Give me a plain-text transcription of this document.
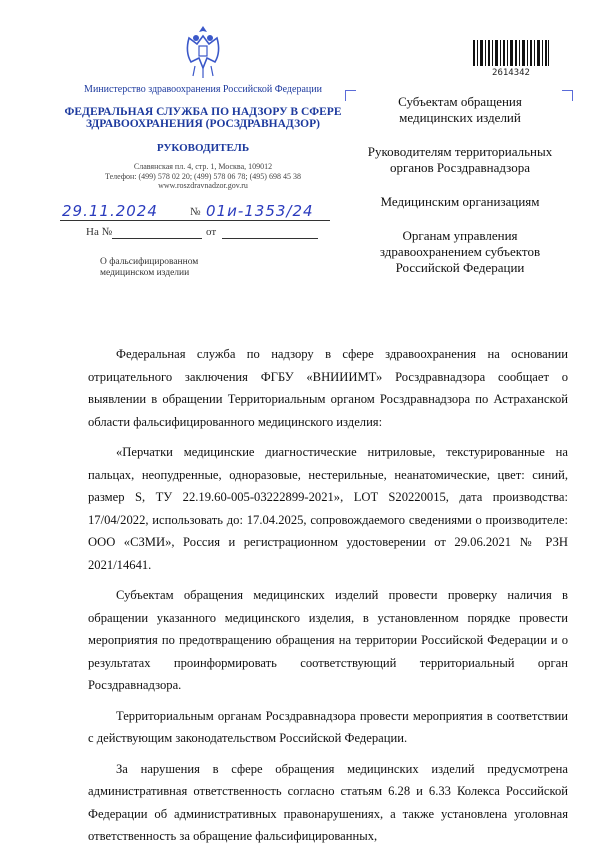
Министерство здравоохранения Российской Федерации
ФЕДЕРАЛЬНАЯ СЛУЖБА ПО НАДЗОРУ В СФЕРЕ ЗДРАВООХРАНЕНИЯ (РОСЗДРАВНАДЗОР)
РУКОВОДИТЕЛЬ
Славянская пл. 4, стр. 1, Москва, 109012
Телефон: (499) 578 02 20; (499) 578 06 78; (495) 698 45 38
www.roszdravnadzor.gov.ru
29.11.2024	№ 01и-1353/24
На №	от
О фальсифицированном медицинском изделии
2614342
Субъектам обращения медицинских изделий
Руководителям территориальных органов Росздравнадзора
Медицинским организациям
Органам управления здравоохранением субъектов Российской Федерации

Федеральная служба по надзору в сфере здравоохранения на основании отрицательного заключения ФГБУ «ВНИИИМТ» Росздравнадзора сообщает о выявлении в обращении Территориальным органом Росздравнадзора по Астраханской области фальсифицированного медицинского изделия:

«Перчатки медицинские диагностические нитриловые, текстурированные на пальцах, неопудренные, одноразовые, нестерильные, неанатомические, цвет: синий, размер S, ТУ 22.19.60-005-03222899-2021», LOT S20220015, дата производства: 17/04/2022, использовать до: 17.04.2025, сопровождаемого сведениями о производителе: ООО «СЗМИ», Россия и регистрационном удостоверении от 29.06.2021 № РЗН 2021/14641.

Субъектам обращения медицинских изделий провести проверку наличия в обращении указанного медицинского изделия, в установленном порядке провести мероприятия по предотвращению обращения на территории Российской Федерации и о результатах проинформировать соответствующий территориальный орган Росздравнадзора.

Территориальным органам Росздравнадзора провести мероприятия в соответствии с действующим законодательством Российской Федерации.

За нарушения в сфере обращения медицинских изделий предусмотрена административная ответственность согласно статьям 6.28 и 6.33 Колекса Российской Федерации об административных правонарушениях, а также установлена уголовная ответственность за обращение фальсифицированных,
